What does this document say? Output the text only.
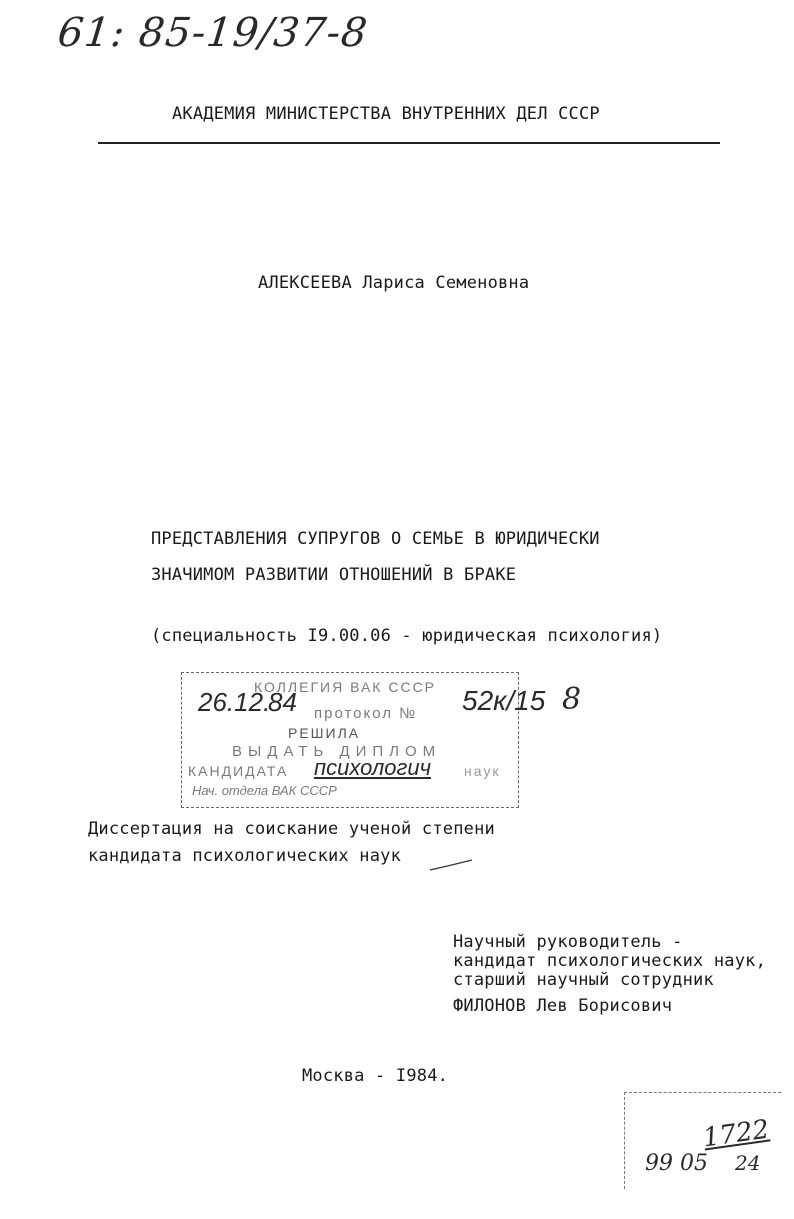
61: 85-19/37-8
АКАДЕМИЯ МИНИСТЕРСТВА ВНУТРЕННИХ ДЕЛ СССР
АЛЕКСЕЕВА Лариса Семеновна
ПРЕДСТАВЛЕНИЯ СУПРУГОВ О СЕМЬЕ В ЮРИДИЧЕСКИ
ЗНАЧИМОМ РАЗВИТИИ ОТНОШЕНИЙ В БРАКЕ
(специальность I9.00.06 - юридическая психология)
КОЛЛЕГИЯ ВАК СССР
26.12.
84 протокол № 52к/15
РЕШИЛА
ВЫДАТЬ ДИПЛОМ
КАНДИДАТА психологич наук
Нач. отдела ВАК СССР
8
Диссертация на соискание ученой степени
кандидата психологических наук
Научный руководитель -
кандидат психологических наук,
старший научный сотрудник
ФИЛОНОВ Лев Борисович
Москва - I984.
1722
99 05 24
